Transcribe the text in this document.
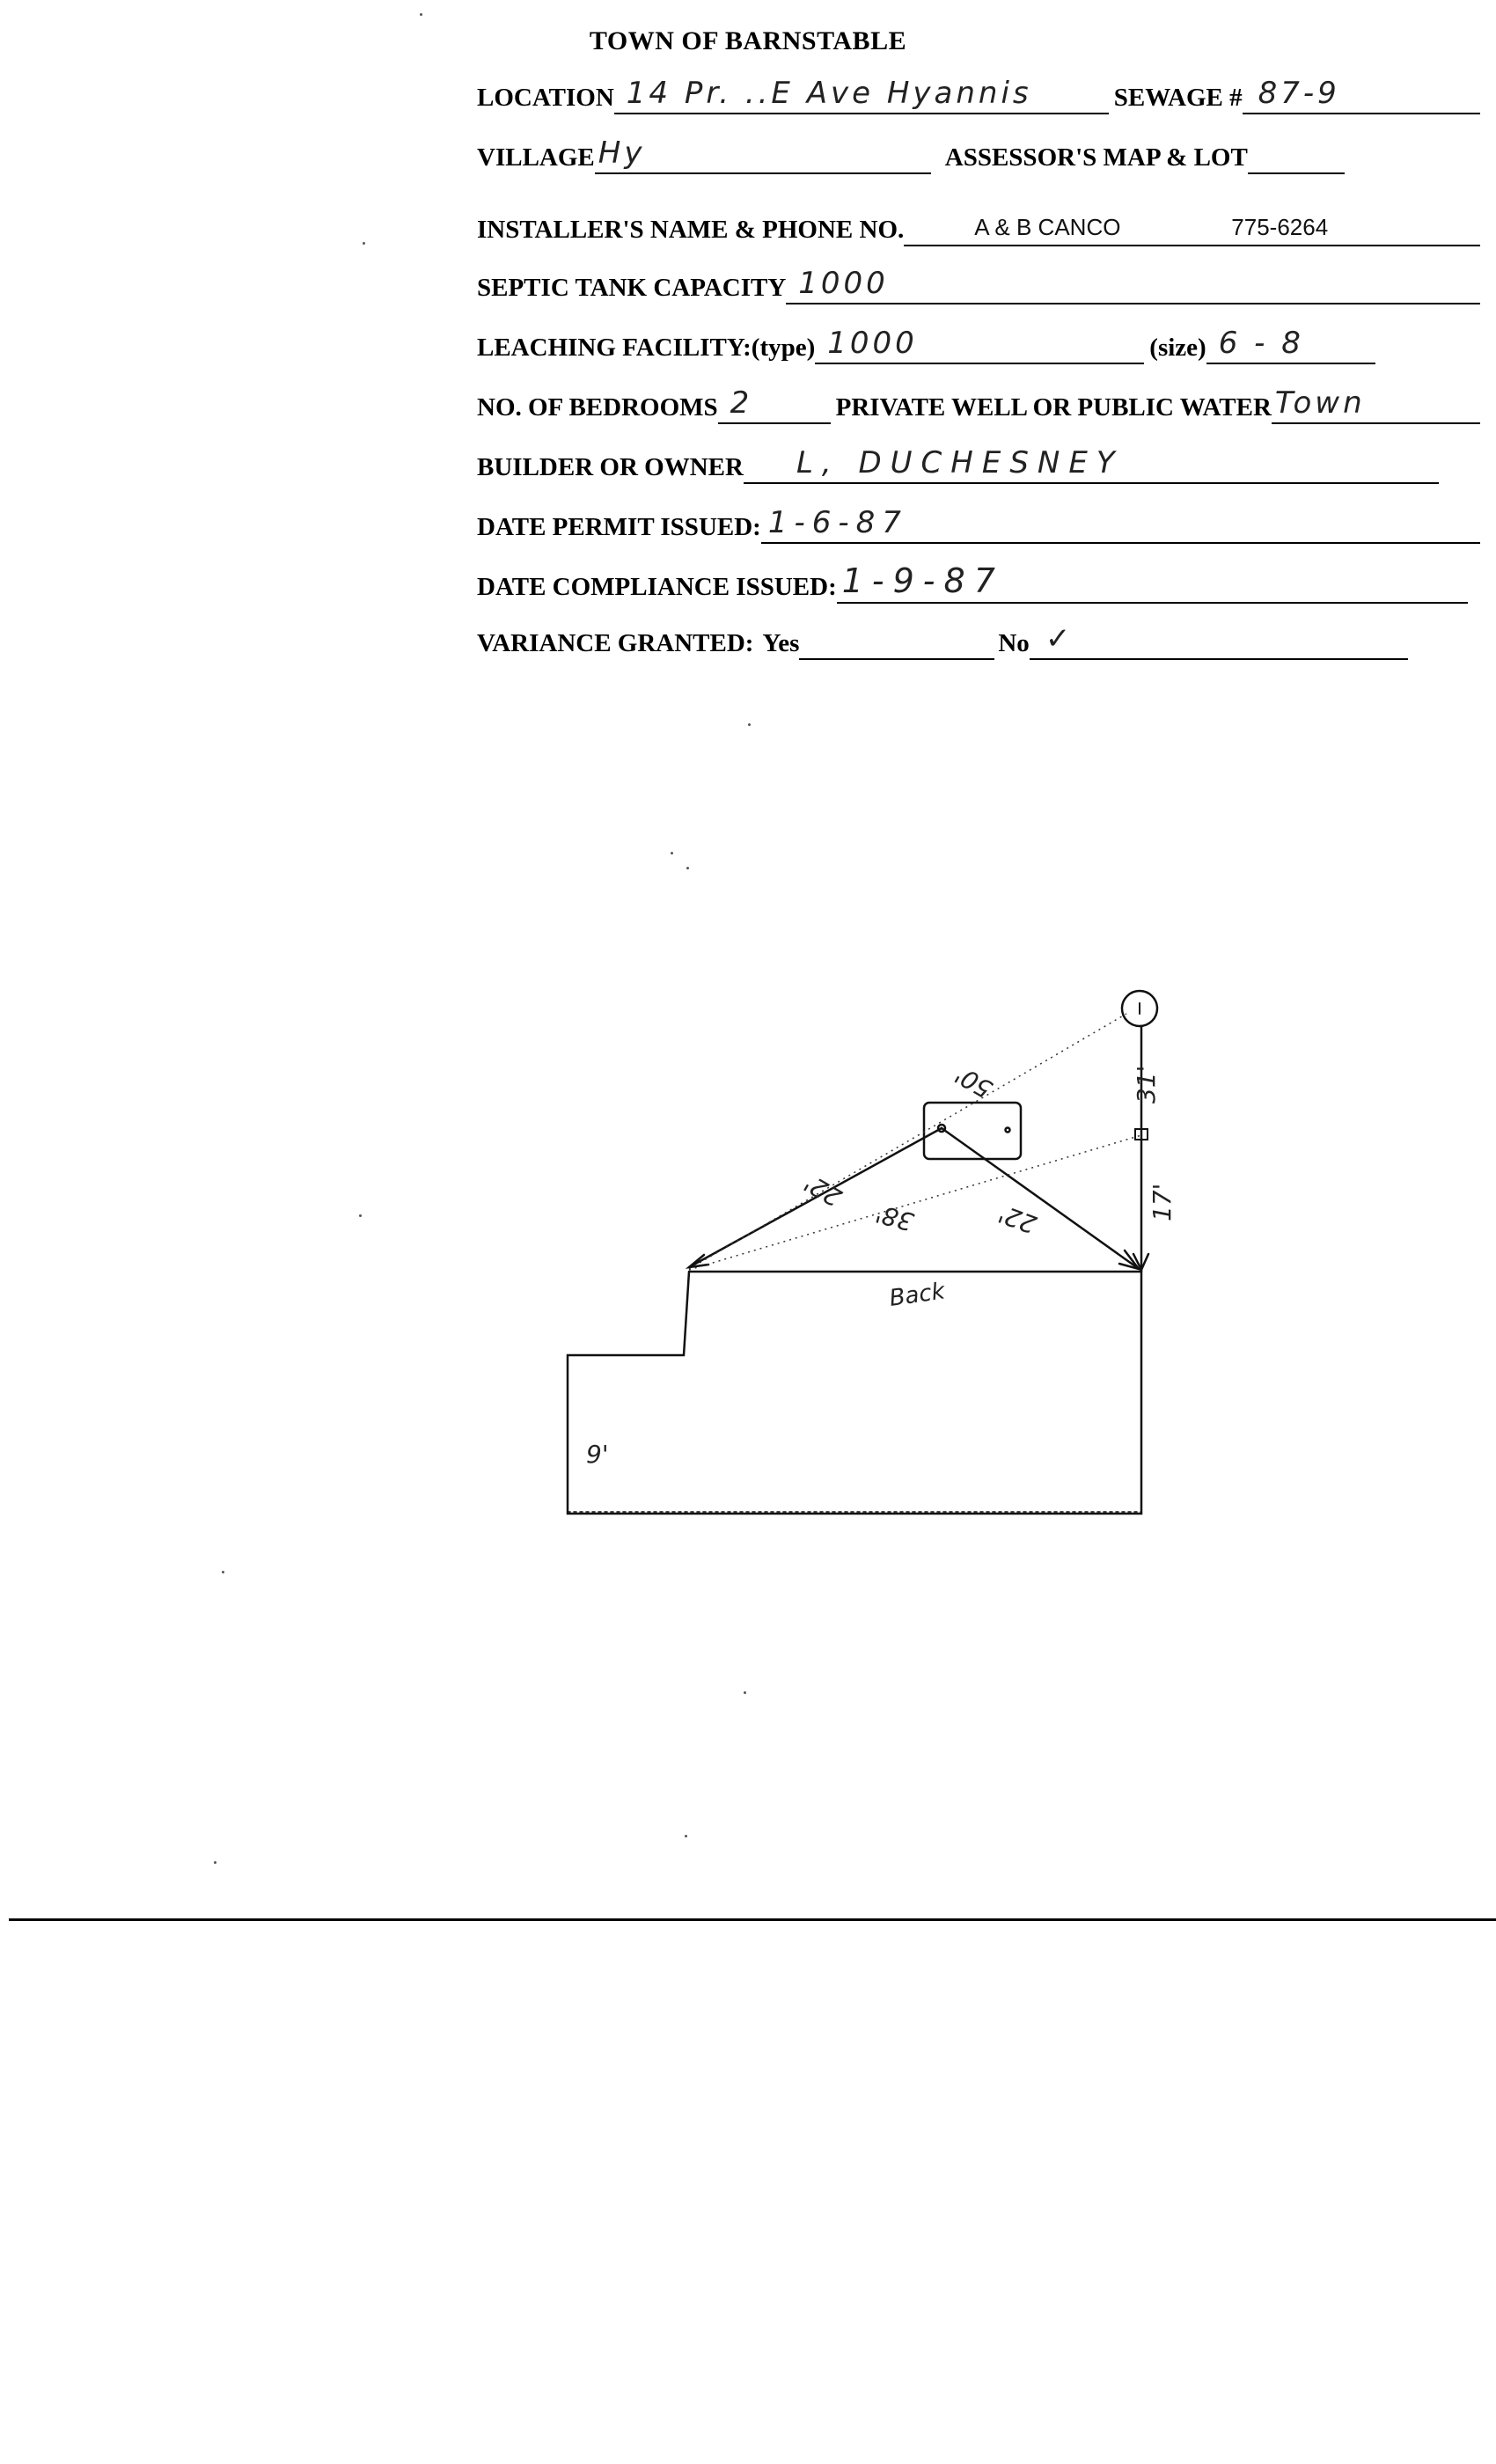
TOWN OF BARNSTABLE
LOCATION 14 Pr. ..E Ave Hyannis	SEWAGE # 87-9
VILLAGE Hy	ASSESSOR'S MAP & LOT
INSTALLER'S NAME & PHONE NO.	A & B CANCO	775-6264
SEPTIC TANK CAPACITY 1000
LEACHING FACILITY:(type) 1000	(size) 6 - 8
NO. OF BEDROOMS 2	PRIVATE WELL OR PUBLIC WATER Town
BUILDER OR OWNER L, DUCHESNEY
DATE PERMIT ISSUED: 1-6-87
DATE COMPLIANCE ISSUED: 1-9-87
VARIANCE GRANTED: Yes	No ✓
50'	31'
17'
22'
38'	22'
Back
9'
